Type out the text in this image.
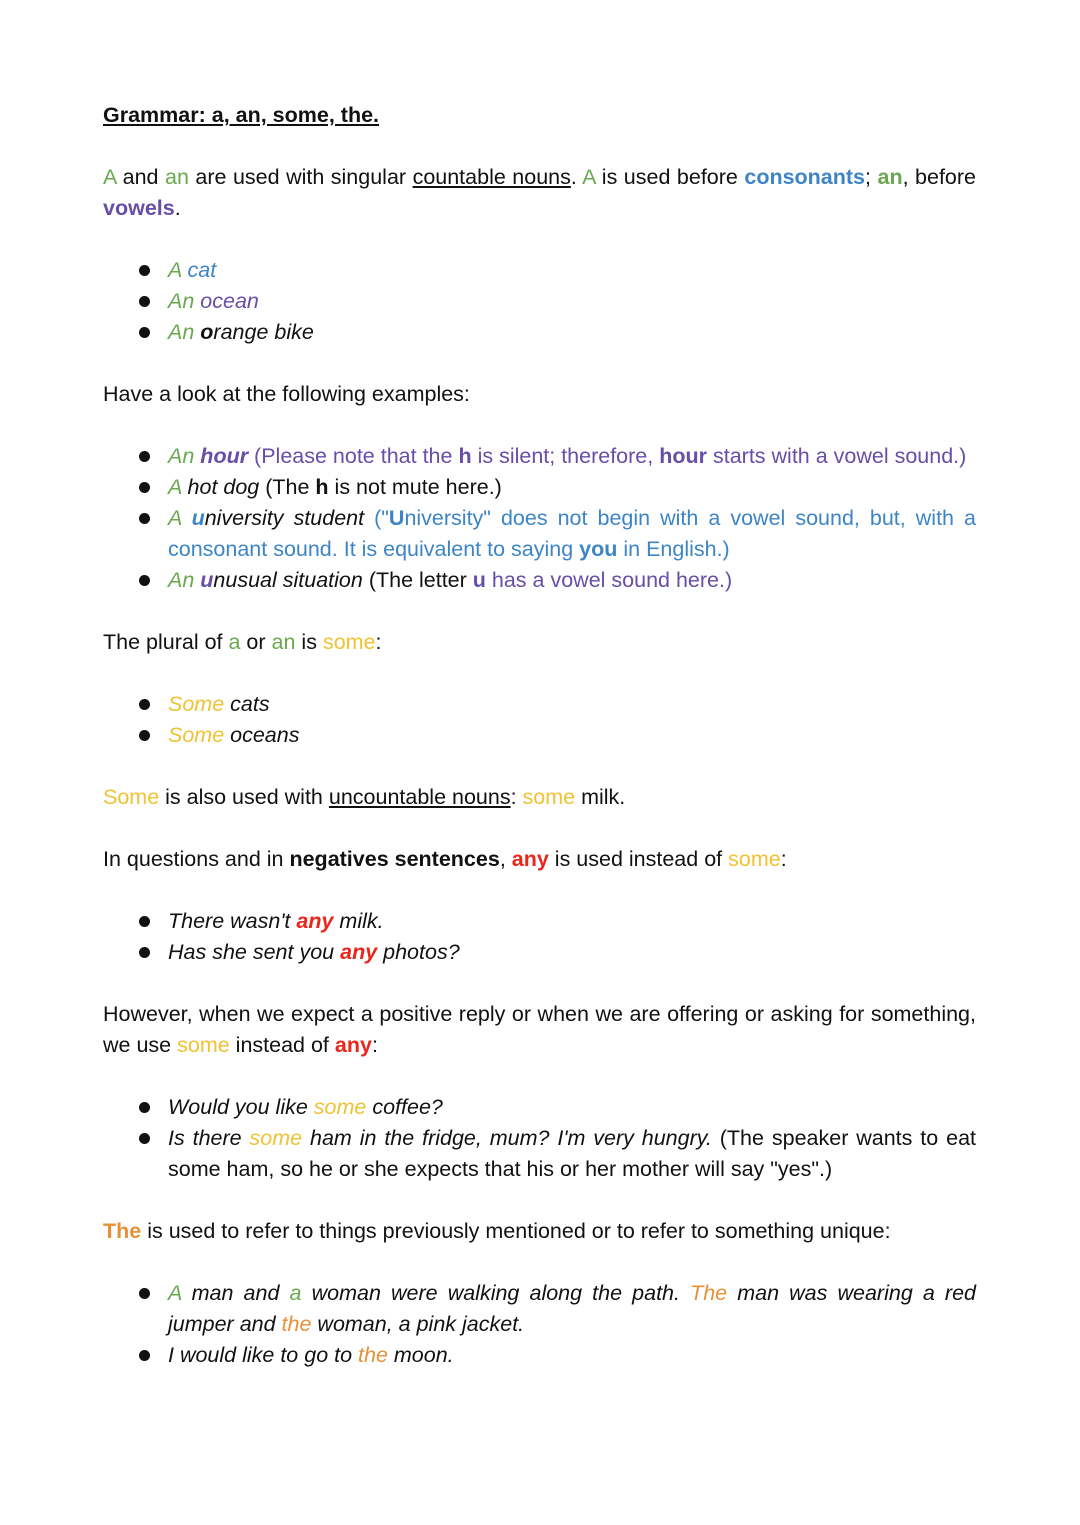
Grammar: a, an, some, the.

A and an are used with singular countable nouns. A is used before consonants; an, before vowels.

A cat
An ocean
An orange bike

Have a look at the following examples:

An hour (Please note that the h is silent; therefore, hour starts with a vowel sound.)
A hot dog (The h is not mute here.)
A university student ("University" does not begin with a vowel sound, but, with a consonant sound. It is equivalent to saying you in English.)
An unusual situation (The letter u has a vowel sound here.)

The plural of a or an is some:

Some cats
Some oceans

Some is also used with uncountable nouns: some milk.

In questions and in negatives sentences, any is used instead of some:

There wasn't any milk.
Has she sent you any photos?

However, when we expect a positive reply or when we are offering or asking for something, we use some instead of any:

Would you like some coffee?
Is there some ham in the fridge, mum? I'm very hungry. (The speaker wants to eat some ham, so he or she expects that his or her mother will say "yes".)

The is used to refer to things previously mentioned or to refer to something unique:

A man and a woman were walking along the path. The man was wearing a red jumper and the woman, a pink jacket.
I would like to go to the moon.
